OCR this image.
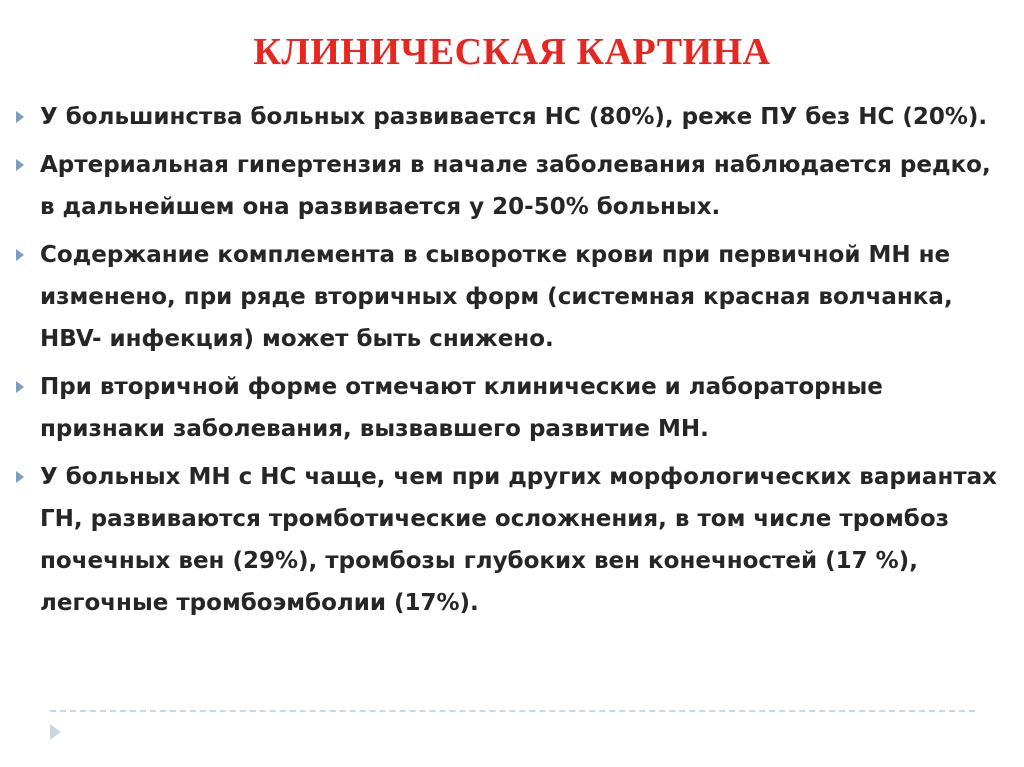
КЛИНИЧЕСКАЯ КАРТИНА
У большинства больных развивается НС (80%), реже ПУ без НС (20%).
Артериальная гипертензия в начале заболевания наблюдается редко, в дальнейшем она развивается у 20-50% больных.
Содержание комплемента в сыворотке крови при первичной МН не изменено, при ряде вторичных форм (системная красная волчанка, HBV- инфекция) может быть снижено.
При вторичной форме отмечают клинические и лабораторные признаки заболевания, вызвавшего развитие МН.
У больных МН с НС чаще, чем при других морфологических вариантах ГН, развиваются тромботические осложнения, в том числе тромбоз почечных вен (29%), тромбозы глубоких вен конечностей (17 %), легочные тромбоэмболии (17%).
